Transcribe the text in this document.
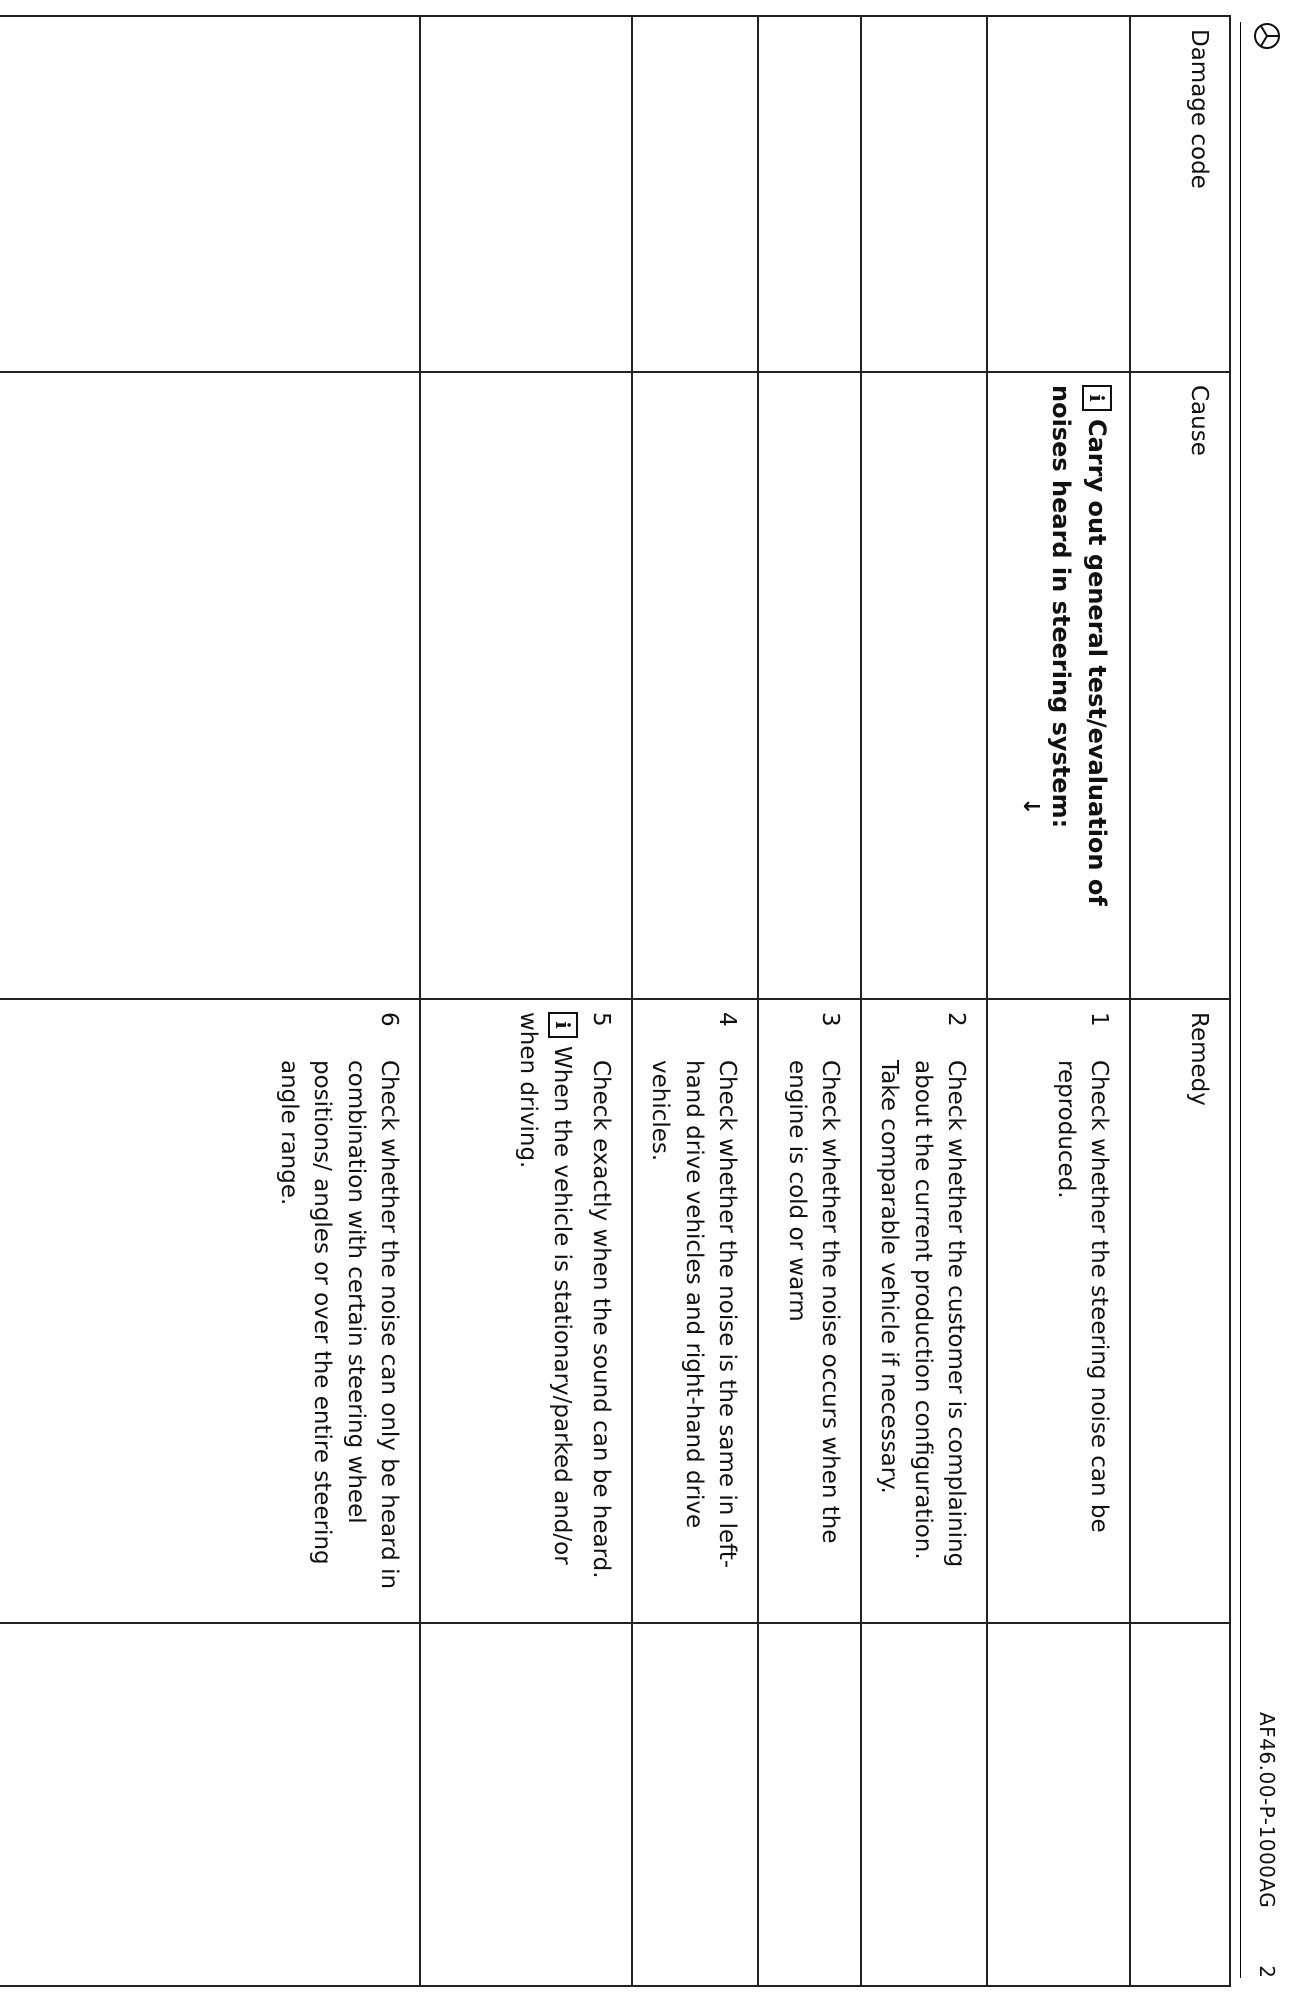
AF46.00-P-1000AG
2
Damage code	Cause	Remedy	

	iCarry out general test/evaluation of noises heard in steering system:
↓	1
Check whether the steering noise can be reproduced.	

		2
Check whether the customer is complaining about the current production configuration. Take comparable vehicle if necessary.	

		3
Check whether the noise occurs when the engine is cold or warm	

		4
Check whether the noise is the same in left-hand drive vehicles and right-hand drive vehicles.	

		5
Check exactly when the sound can be heard.
iWhen the vehicle is stationary/parked and/or when driving.	

		6
Check whether the noise can only be heard in combination with certain steering wheel positions/ angles or over the entire steering angle range.	
